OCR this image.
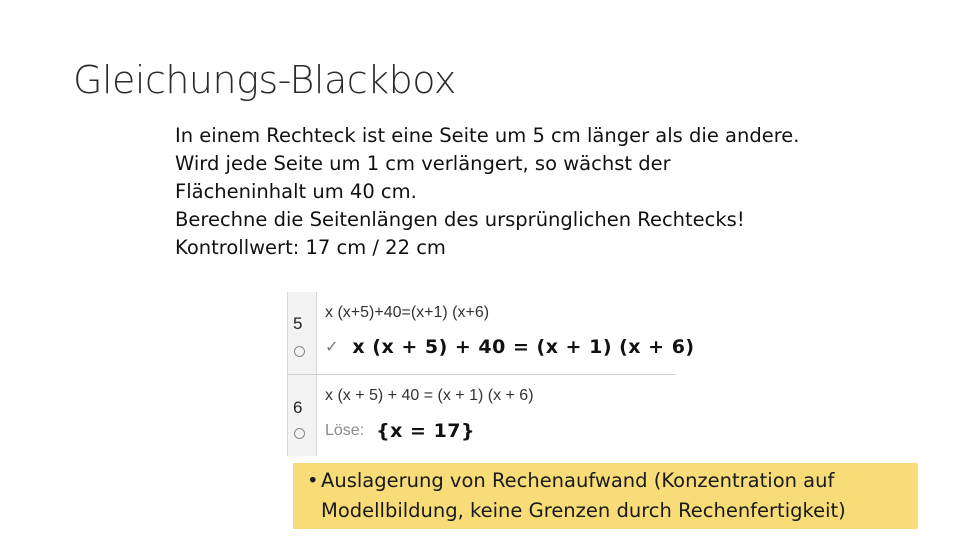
Gleichungs-Blackbox
In einem Rechteck ist eine Seite um 5 cm länger als die andere.
Wird jede Seite um 1 cm verlängert, so wächst der
Flächeninhalt um 40 cm.
Berechne die Seitenlängen des ursprünglichen Rechtecks!
Kontrollwert: 17 cm / 22 cm
5
x (x+5)+40=(x+1) (x+6)
✓ x (x + 5) + 40 = (x + 1) (x + 6)
6
x (x + 5) + 40 = (x + 1) (x + 6)
Löse: {x = 17}
• Auslagerung von Rechenaufwand (Konzentration auf
Modellbildung, keine Grenzen durch Rechenfertigkeit)
